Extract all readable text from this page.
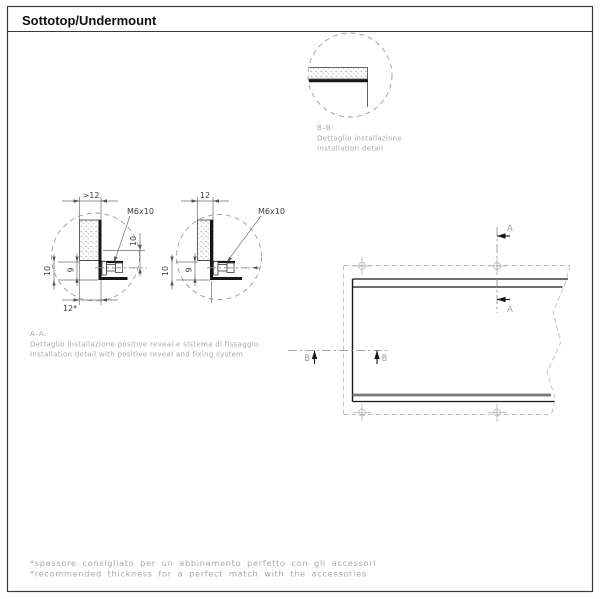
Sottotop/Undermount
B–B:
Dettaglio installazione
Installation detail
>12
10
9
10
12*
M6x10
12
9
10
M6x10
A–A:
Dettaglio installazione positive reveal e sistema di fissaggio
Installation detail with positive reveal and fixing system
A
A
B	B
*spessore consigliato per un abbinamento perfetto con gli accessori
*recommended thickness for a perfect match with the accessories
